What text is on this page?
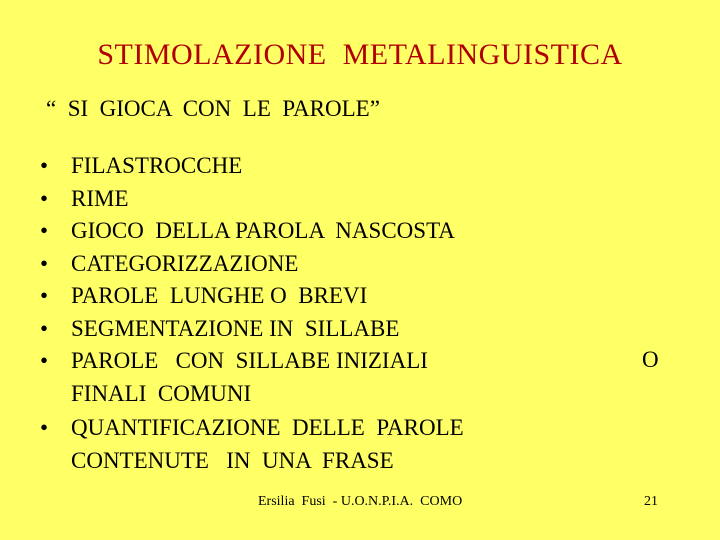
STIMOLAZIONE  METALINGUISTICA
“  SI  GIOCA  CON  LE  PAROLE”
• FILASTROCCHE
• RIME
• GIOCO  DELLA PAROLA  NASCOSTA
• CATEGORIZZAZIONE
• PAROLE  LUNGHE O  BREVI
• SEGMENTAZIONE IN  SILLABE
• PAROLE   CON  SILLABE INIZIALI
FINALI  COMUNI
• QUANTIFICAZIONE  DELLE  PAROLE
CONTENUTE   IN  UNA  FRASE
O
Ersilia  Fusi  - U.O.N.P.I.A.  COMO	21
